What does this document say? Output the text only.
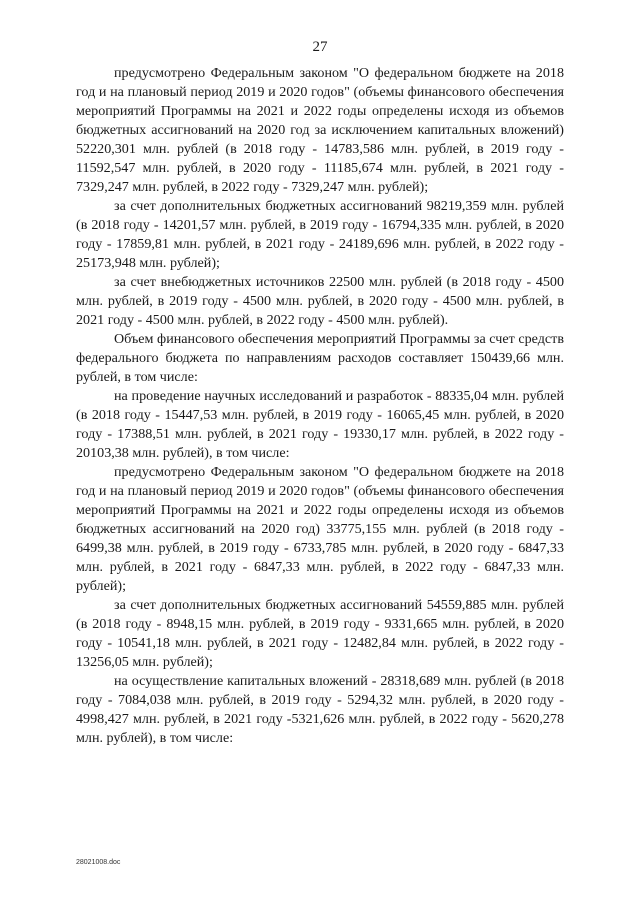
27

предусмотрено Федеральным законом "О федеральном бюджете на 2018 год и на плановый период 2019 и 2020 годов" (объемы финансового обеспечения мероприятий Программы на 2021 и 2022 годы определены исходя из объемов бюджетных ассигнований на 2020 год за исключением капитальных вложений) 52220,301 млн. рублей (в 2018 году - 14783,586 млн. рублей, в 2019 году - 11592,547 млн. рублей, в 2020 году - 11185,674 млн. рублей, в 2021 году - 7329,247 млн. рублей, в 2022 году - 7329,247 млн. рублей);

за счет дополнительных бюджетных ассигнований 98219,359 млн. рублей (в 2018 году - 14201,57 млн. рублей, в 2019 году - 16794,335 млн. рублей, в 2020 году - 17859,81 млн. рублей, в 2021 году - 24189,696 млн. рублей, в 2022 году - 25173,948 млн. рублей);

за счет внебюджетных источников 22500 млн. рублей (в 2018 году - 4500 млн. рублей, в 2019 году - 4500 млн. рублей, в 2020 году - 4500 млн. рублей, в 2021 году - 4500 млн. рублей, в 2022 году - 4500 млн. рублей).

Объем финансового обеспечения мероприятий Программы за счет средств федерального бюджета по направлениям расходов составляет 150439,66 млн. рублей, в том числе:

на проведение научных исследований и разработок - 88335,04 млн. рублей (в 2018 году - 15447,53 млн. рублей, в 2019 году - 16065,45 млн. рублей, в 2020 году - 17388,51 млн. рублей, в 2021 году - 19330,17 млн. рублей, в 2022 году - 20103,38 млн. рублей), в том числе:

предусмотрено Федеральным законом "О федеральном бюджете на 2018 год и на плановый период 2019 и 2020 годов" (объемы финансового обеспечения мероприятий Программы на 2021 и 2022 годы определены исходя из объемов бюджетных ассигнований на 2020 год) 33775,155 млн. рублей (в 2018 году - 6499,38 млн. рублей, в 2019 году - 6733,785 млн. рублей, в 2020 году - 6847,33 млн. рублей, в 2021 году - 6847,33 млн. рублей, в 2022 году - 6847,33 млн. рублей);

за счет дополнительных бюджетных ассигнований 54559,885 млн. рублей (в 2018 году - 8948,15 млн. рублей, в 2019 году - 9331,665 млн. рублей, в 2020 году - 10541,18 млн. рублей, в 2021 году - 12482,84 млн. рублей, в 2022 году - 13256,05 млн. рублей);

на осуществление капитальных вложений - 28318,689 млн. рублей (в 2018 году - 7084,038 млн. рублей, в 2019 году - 5294,32 млн. рублей, в 2020 году - 4998,427 млн. рублей, в 2021 году -5321,626 млн. рублей, в 2022 году - 5620,278 млн. рублей), в том числе:

28021008.doc
